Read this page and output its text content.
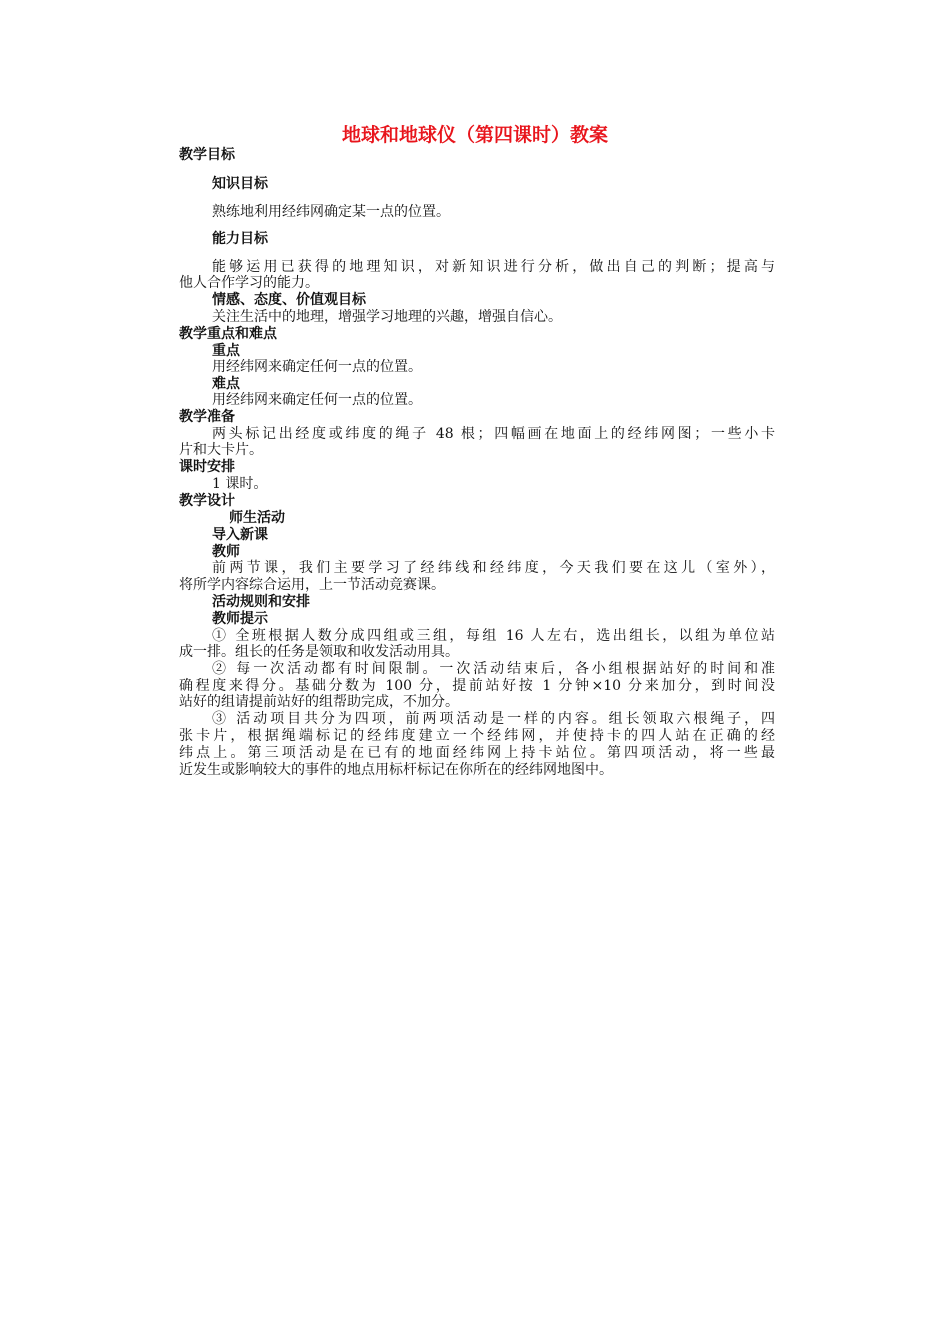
地球和地球仪（第四课时）教案
教学目标
知识目标
熟练地利用经纬网确定某一点的位置。
能力目标
能够运用已获得的地理知识，对新知识进行分析，做出自己的判断；提高与
他人合作学习的能力。
情感、态度、价值观目标
关注生活中的地理，增强学习地理的兴趣，增强自信心。
教学重点和难点
重点
用经纬网来确定任何一点的位置。
难点
用经纬网来确定任何一点的位置。
教学准备
两头标记出经度或纬度的绳子 48 根；四幅画在地面上的经纬网图；一些小卡
片和大卡片。
课时安排
1 课时。
教学设计
师生活动
导入新课
教师
前两节课，我们主要学习了经纬线和经纬度，今天我们要在这儿（室外），
将所学内容综合运用，上一节活动竞赛课。
活动规则和安排
教师提示
① 全班根据人数分成四组或三组，每组 16 人左右，选出组长，以组为单位站
成一排。组长的任务是领取和收发活动用具。
② 每一次活动都有时间限制。一次活动结束后，各小组根据站好的时间和准
确程度来得分。基础分数为 100 分，提前站好按 1 分钟×10 分来加分，到时间没
站好的组请提前站好的组帮助完成，不加分。
③ 活动项目共分为四项，前两项活动是一样的内容。组长领取六根绳子，四
张卡片，根据绳端标记的经纬度建立一个经纬网，并使持卡的四人站在正确的经
纬点上。第三项活动是在已有的地面经纬网上持卡站位。第四项活动，将一些最
近发生或影响较大的事件的地点用标杆标记在你所在的经纬网地图中。
